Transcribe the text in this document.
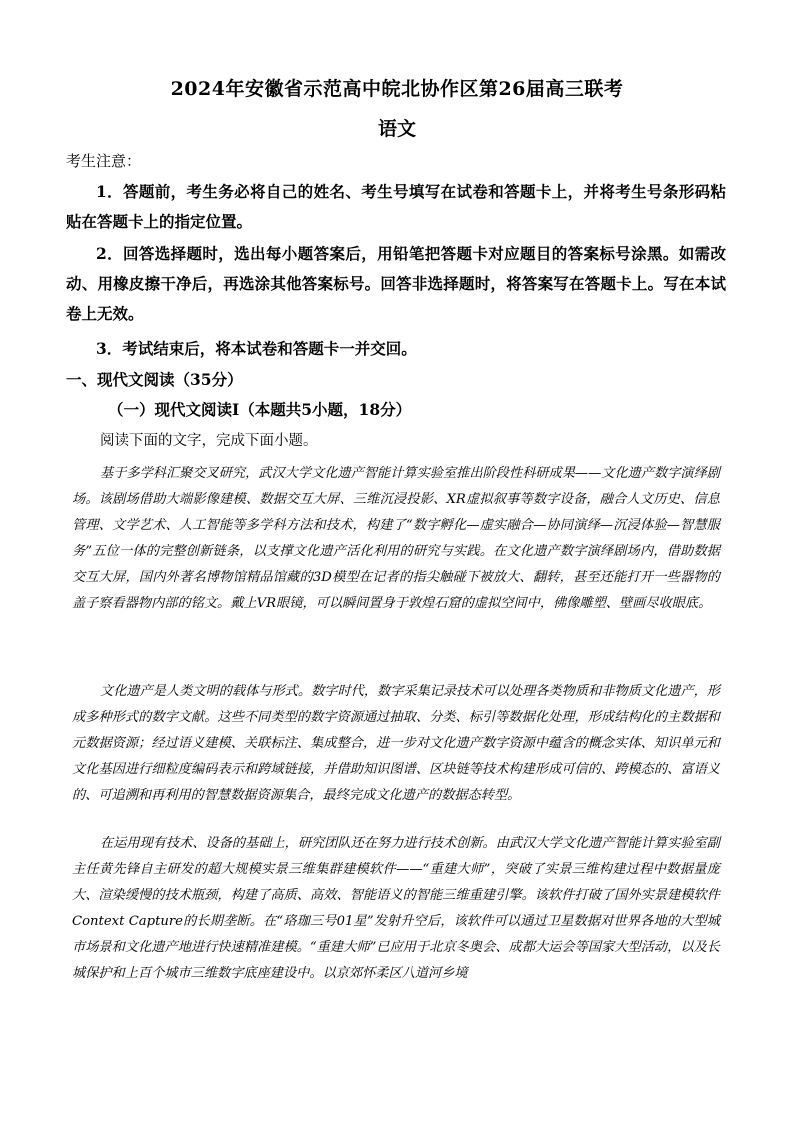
2024年安徽省示范高中皖北协作区第26届高三联考
语文
考生注意：
1．答题前，考生务必将自己的姓名、考生号填写在试卷和答题卡上，并将考生号条形码粘贴在答题卡上的指定位置。
2．回答选择题时，选出每小题答案后，用铅笔把答题卡对应题目的答案标号涂黑。如需改动、用橡皮擦干净后，再选涂其他答案标号。回答非选择题时，将答案写在答题卡上。写在本试卷上无效。
3．考试结束后，将本试卷和答题卡一并交回。
一、现代文阅读（35分）
（一）现代文阅读Ⅰ（本题共5小题，18分）
阅读下面的文字，完成下面小题。
基于多学科汇聚交叉研究，武汉大学文化遗产智能计算实验室推出阶段性科研成果——文化遗产数字演绎剧场。该剧场借助大端影像建模、数据交互大屏、三维沉浸投影、XR虚拟叙事等数字设备，融合人文历史、信息管理、文学艺术、人工智能等多学科方法和技术，构建了“数字孵化—虚实融合—协同演绎—沉浸体验—智慧服务”五位一体的完整创新链条，以支撑文化遗产活化利用的研究与实践。在文化遗产数字演绎剧场内，借助数据交互大屏，国内外著名博物馆精品馆藏的3D模型在记者的指尖触碰下被放大、翻转，甚至还能打开一些器物的盖子察看器物内部的铭文。戴上VR眼镜，可以瞬间置身于敦煌石窟的虚拟空间中，佛像雕塑、壁画尽收眼底。
文化遗产是人类文明的载体与形式。数字时代，数字采集记录技术可以处理各类物质和非物质文化遗产，形成多种形式的数字文献。这些不同类型的数字资源通过抽取、分类、标引等数据化处理，形成结构化的主数据和元数据资源；经过语义建模、关联标注、集成整合，进一步对文化遗产数字资源中蕴含的概念实体、知识单元和文化基因进行细粒度编码表示和跨域链接，并借助知识图谱、区块链等技术构建形成可信的、跨模态的、富语义的、可追溯和再利用的智慧数据资源集合，最终完成文化遗产的数据态转型。
在运用现有技术、设备的基础上，研究团队还在努力进行技术创新。由武汉大学文化遗产智能计算实验室副主任黄先锋自主研发的超大规模实景三维集群建模软件——“重建大师”，突破了实景三维构建过程中数据量庞大、渲染缓慢的技术瓶颈，构建了高质、高效、智能语义的智能三维重建引擎。该软件打破了国外实景建模软件Context Capture的长期垄断。在“珞珈三号01星”发射升空后，该软件可以通过卫星数据对世界各地的大型城市场景和文化遗产地进行快速精准建模。“重建大师”已应用于北京冬奥会、成都大运会等国家大型活动，以及长城保护和上百个城市三维数字底座建设中。以京郊怀柔区八道河乡境
